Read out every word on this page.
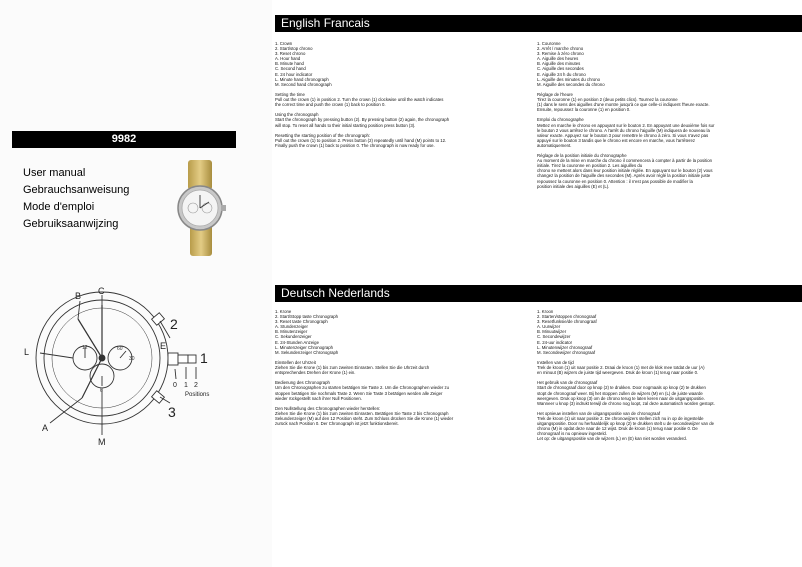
9982
User manual
Gebrauchsanweisung
Mode d'emploi
Gebruiksaanwijzing
English Francais
Deutsch Nederlands
1. Crown
2. Start/stop chrono
3. Reset chrono
A. Hour hand
B. Minute hand
C. Second hand
E. 24 hour indicator
L. Minute hand chronograph
M. Second hand chronograph

Setting the time
Pull out the crown (1) in position 2. Turn the crown (1) clockwise until the watch indicates
the correct time and push the crown (1) back to position 0.

Using the chronograph
Start the chronograph by pressing button (2). By pressing button (2) again, the chronograph
will stop. To reset all hands to their initial starting position press button (3).

Resetting the starting position of the chronograph:
Pull out the crown (1) to position 2. Press button (2) repeatedly until hand (M) points to 12.
Finally push the crown (1) back to position 0. The chronograph is now ready for use.
1. Couronne
2. Arrêt / marche chrono
3. Remise à zéro chrono
A. Aiguille des heures
B. Aiguille des minutes
C. Aiguille des secondes
E. Aiguille 24 h du chrono
L. Aiguille des minutes du chrono
M. Aiguille des secondes du chrono

Réglage de l'heure
Tirez la couronne (1) en position 2 (deux petits clics). Tournez la couronne
(1) dans le sens des aiguilles d'une montre jusqu'à ce que celle-ci indiquent l'heure exacte.
Ensuite, repoussez la couronne (1) en position 0.

Emploi du chronographe
Mettez en marche le chrono en appuyant sur le bouton 2. En appuyant une deuxième fois sur
le bouton 2 vous arrêtez le chrono. A l'arrêt du chrono l'aiguille (M) indiquera de nouveau la
valeur exacte. Appuyez sur le bouton 3 pour remettre le chrono à zéro. Si vous n'avez pas
appuyé sur le bouton 3 tandis que le chrono est encore en marche, vous l'arrêterez
automatiquement.

Réglage de la position initiale du chronographe
Au moment de la mise en marche du chrono il commencera à compter à partir de la position
initiale. Tirez la couronne en position 2. Les aiguilles du
chrono se mettent alors dans leur position initiale réglée. En appuyant sur le bouton (2) vous
changez la position de l'aiguille des secondes (M). Après avoir réglé la position initiale juste
repoussez la couronne en position 0. Attention : il n'est pas possible de modifier la
position initiale des aiguilles (E) et (L).
1. Krone
2. Start/Stopp taste Chronograph
3. Reset taste Chronograph
A. Stundenzeiger
B. Minutenzeiger
C. Sekundenzeiger
E. 24-Stunden Anzeige
L. Minutenzeiger Chronograph
M. Sekundenzeiger Chronograph

Einstellen der Uhrzeit
Ziehen Sie die Krone (1) bis zum zweiten Einrasten. Stellen Sie die Uhrzeit durch
entsprechendes Drehen der Krone (1) ein.

Bedienung des Chronograph
Um den Chronographen zu starten betätigen Sie Taste 2. Um die Chronographen wieder zu
stoppen betätigen Sie nochmals Taste 2. Wenn Sie Taste 3 betätigen werden alle Zeiger
wieder rückgestellt nach ihrer Null Positionen.

Den Nullstellung des Chronographen wieder herstellen:
Ziehen Sie die Krone (1) bis zum zweiten Einrasten. Betätigen Sie Taste 2 bis Chronograph
Sekundenzeiger (M) auf den 12 Position steht. Zum Schluss drücken Sie die Krone (1) wieder
zurück nach Position 0. Der Chronograph ist jetzt funktionsbereit.
1. Kroon
2. Starten/stoppen chronograaf
3. Resetfunksie/de chronograaf
A. Uurwijzer
B. Minuutwijzer
C. Secondewijzer
E. 24-uur indicator
L. Minutenwijzer chronograaf
M. Secondewijzer chronograaf

Instellen van de tijd
Trek de kroon (1) uit naar positie 2. Draai de kroon (1) met de klok mee totdat de uur (A)
en minuut (B) wijzers de juiste tijd weergeven. Druk de kroon (1) terug naar positie 0.

Het gebruik van de chronograaf
Start de chronograaf door op knop (2) te drukken. Door nogmaals op knop (2) te drukken
stopt de chronograaf weer. Bij het stoppen zullen de wijzers (M) en (L) de juiste waarde
weergeven. Druk op knop (3) om de chrono terug te laten keren naar de uitgangspositie.
Wanneer u knop (3) indrukt terwijl de chrono nog loopt, zal deze automatisch worden gestopt.

Het opnieuw instellen van de uitgangspositie van de chronograaf
Trek de kroon (1) uit naar positie 2. De chronowijzers stellen zich nu in op de ingestelde
uitgangspositie. Door nu herhaaldelijk op knop (2) te drukken stelt u de secondewijzer van de
chrono (M) in opdat deze naar de 12 wijst. Druk de kroon (1) terug naar positie 0. De
chronograaf is nu opnieuw ingesteld.
Let op: de uitgangspositie van de wijzers (L) en (E) kan niet worden veranderd.
B C
2
L
E
1
3
A
M
12	60
30
6
0 1 2
Positions
